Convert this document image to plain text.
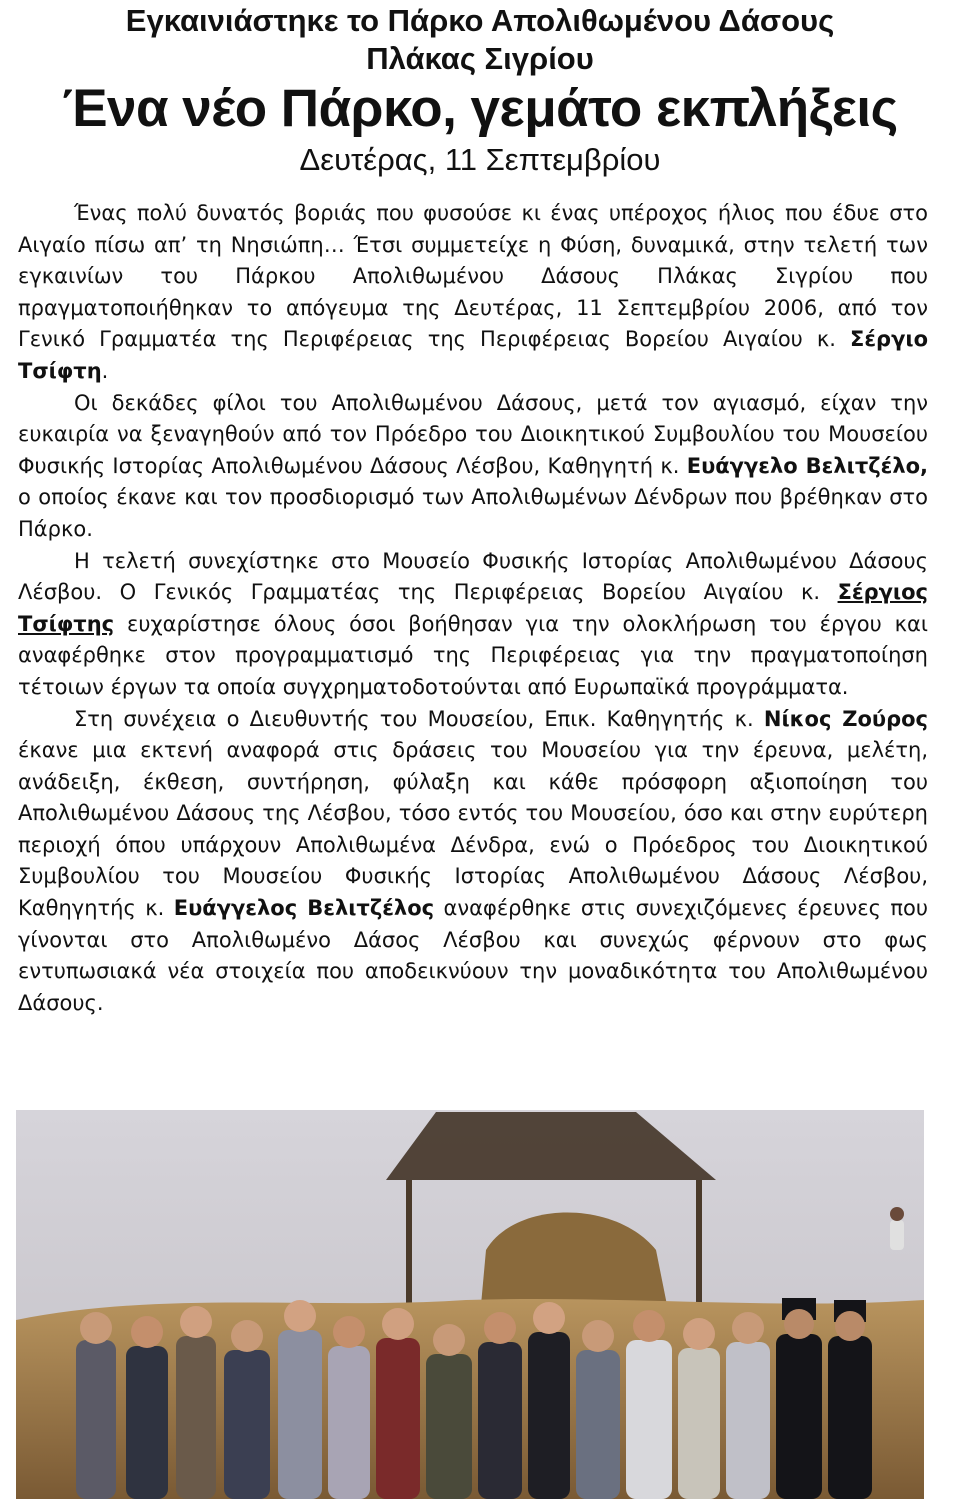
Εγκαινιάστηκε το Πάρκο Απολιθωμένου Δάσους

Πλάκας Σιγρίου

Ένα νέο Πάρκο, γεμάτο εκπλήξεις

Δευτέρας, 11 Σεπτεμβρίου

Ένας πολύ δυνατός βοριάς που φυσούσε κι ένας υπέροχος ήλιος που έδυε στο Αιγαίο πίσω απ’ τη Νησιώπη… Έτσι συμμετείχε η Φύση, δυναμικά, στην τελετή των εγκαινίων του Πάρκου Απολιθωμένου Δάσους Πλάκας Σιγρίου που πραγματοποιήθηκαν το απόγευμα της Δευτέρας, 11 Σεπτεμβρίου 2006, από τον Γενικό Γραμματέα της Περιφέρειας της Περιφέρειας Βορείου Αιγαίου κ. Σέργιο Τσίφτη.

Οι δεκάδες φίλοι του Απολιθωμένου Δάσους, μετά τον αγιασμό, είχαν την ευκαιρία να ξεναγηθούν από τον Πρόεδρο του Διοικητικού Συμβουλίου του Μουσείου Φυσικής Ιστορίας Απολιθωμένου Δάσους Λέσβου, Καθηγητή κ. Ευάγγελο Βελιτζέλο, ο οποίος έκανε και τον προσδιορισμό των Απολιθωμένων Δένδρων που βρέθηκαν στο Πάρκο.

Η τελετή συνεχίστηκε στο Μουσείο Φυσικής Ιστορίας Απολιθωμένου Δάσους Λέσβου. Ο Γενικός Γραμματέας της Περιφέρειας Βορείου Αιγαίου κ. Σέργιος Τσίφτης ευχαρίστησε όλους όσοι βοήθησαν για την ολοκλήρωση του έργου και αναφέρθηκε στον προγραμματισμό της Περιφέρειας για την πραγματοποίηση τέτοιων έργων τα οποία συγχρηματοδοτούνται από Ευρωπαϊκά προγράμματα.

Στη συνέχεια ο Διευθυντής του Μουσείου, Επικ. Καθηγητής κ. Νίκος Ζούρος έκανε μια εκτενή αναφορά στις δράσεις του Μουσείου για την έρευνα, μελέτη, ανάδειξη, έκθεση, συντήρηση, φύλαξη και κάθε πρόσφορη αξιοποίηση του Απολιθωμένου Δάσους της Λέσβου, τόσο εντός του Μουσείου, όσο και στην ευρύτερη περιοχή όπου υπάρχουν Απολιθωμένα Δένδρα, ενώ ο Πρόεδρος του Διοικητικού Συμβουλίου του Μουσείου Φυσικής Ιστορίας Απολιθωμένου Δάσους Λέσβου, Καθηγητής κ. Ευάγγελος Βελιτζέλος αναφέρθηκε στις συνεχιζόμενες έρευνες που γίνονται στο Απολιθωμένο Δάσος Λέσβου και συνεχώς φέρνουν στο φως εντυπωσιακά νέα στοιχεία που αποδεικνύουν την μοναδικότητα του Απολιθωμένου Δάσους.
